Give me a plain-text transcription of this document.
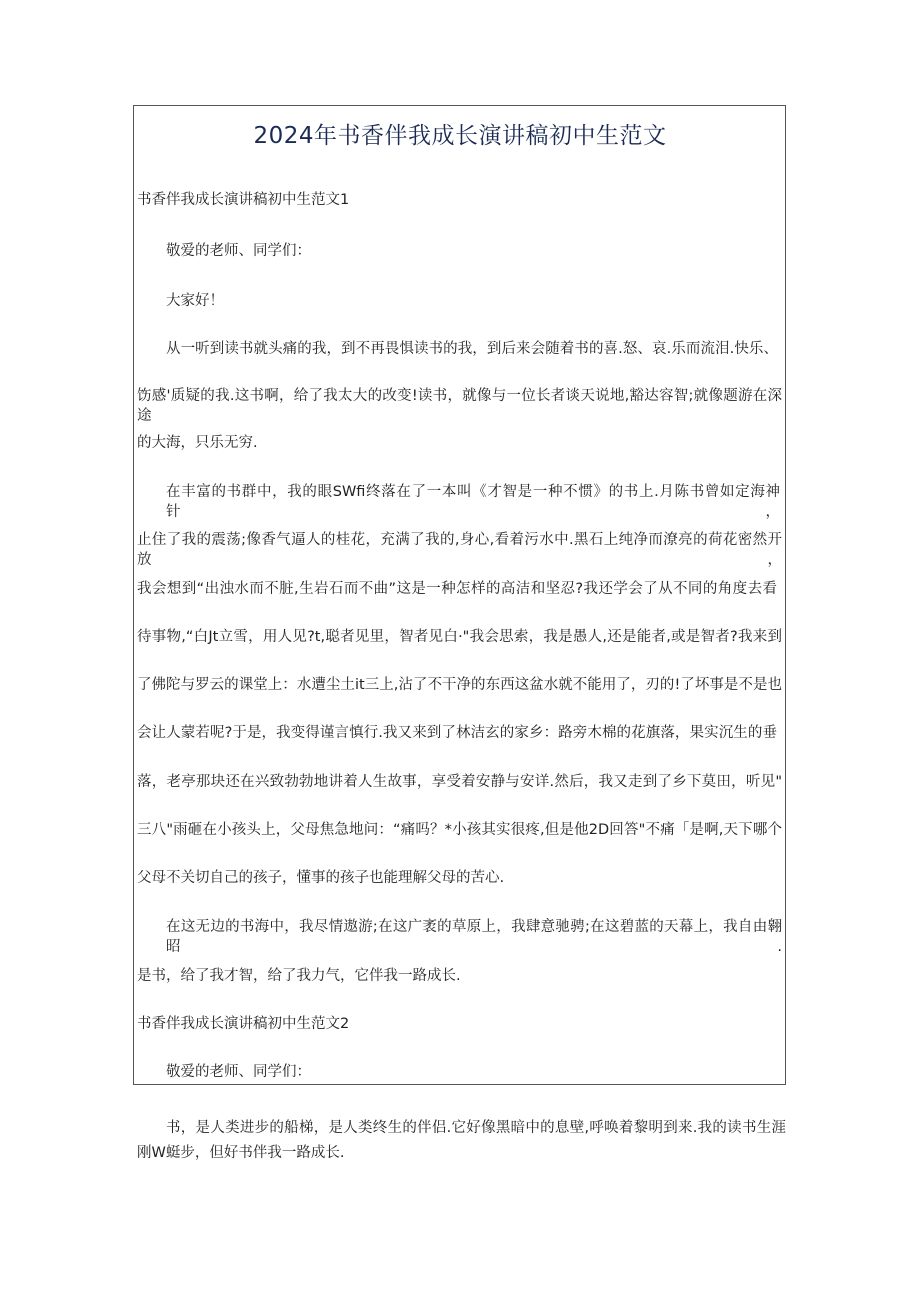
2024年书香伴我成长演讲稿初中生范文
书香伴我成长演讲稿初中生范文1
敬爱的老师、同学们：
大家好！
从一听到读书就头痛的我，到不再畏惧读书的我，到后来会随着书的喜.怒、哀.乐而流泪.快乐、
饬感'质疑的我.这书啊，给了我太大的改变!读书，就像与一位长者谈天说地,豁达容智;就像题游在深途
的大海，只乐无穷.
在丰富的书群中，我的眼SWfi终落在了一本叫《才智是一种不惯》的书上.月陈书曾如定海神针，
止住了我的震荡;像香气逼人的桂花，充满了我的,身心,看着污水中.黑石上纯净而潦亮的荷花密然开放，
我会想到“出浊水而不脏,生岩石而不曲”这是一种怎样的高洁和坚忍?我还学会了从不同的角度去看
待事物,“白Jt立雪，用人见?t,聪者见里，智者见白·"我会思索，我是愚人,还是能者,或是智者?我来到
了佛陀与罗云的课堂上：水遭尘土it三上,沾了不干净的东西这盆水就不能用了，刃的!了坏事是不是也
会让人蒙若呢?于是，我变得谨言慎行.我又来到了林洁玄的家乡：路旁木棉的花旗落，果实沉生的垂
落，老亭那块还在兴致勃勃地讲着人生故事，享受着安静与安详.然后，我又走到了乡下莫田，听见"
三八"雨砸在小孩头上，父母焦急地问：“痛吗？*小孩其实很疼,但是他2D回答"不痛「是啊,天下哪个
父母不关切自己的孩子，懂事的孩子也能理解父母的苦心.
在这无边的书海中，我尽情遨游;在这广袤的草原上，我肆意驰骋;在这碧蓝的天幕上，我自由翱昭.
是书，给了我才智，给了我力气，它伴我一路成长.
书香伴我成长演讲稿初中生范文2
敬爱的老师、同学们：
书，是人类进步的船梯，是人类终生的伴侣.它好像黑暗中的息壁,呼唤着黎明到来.我的读书生涯
刚W蜓步，但好书伴我一路成长.
